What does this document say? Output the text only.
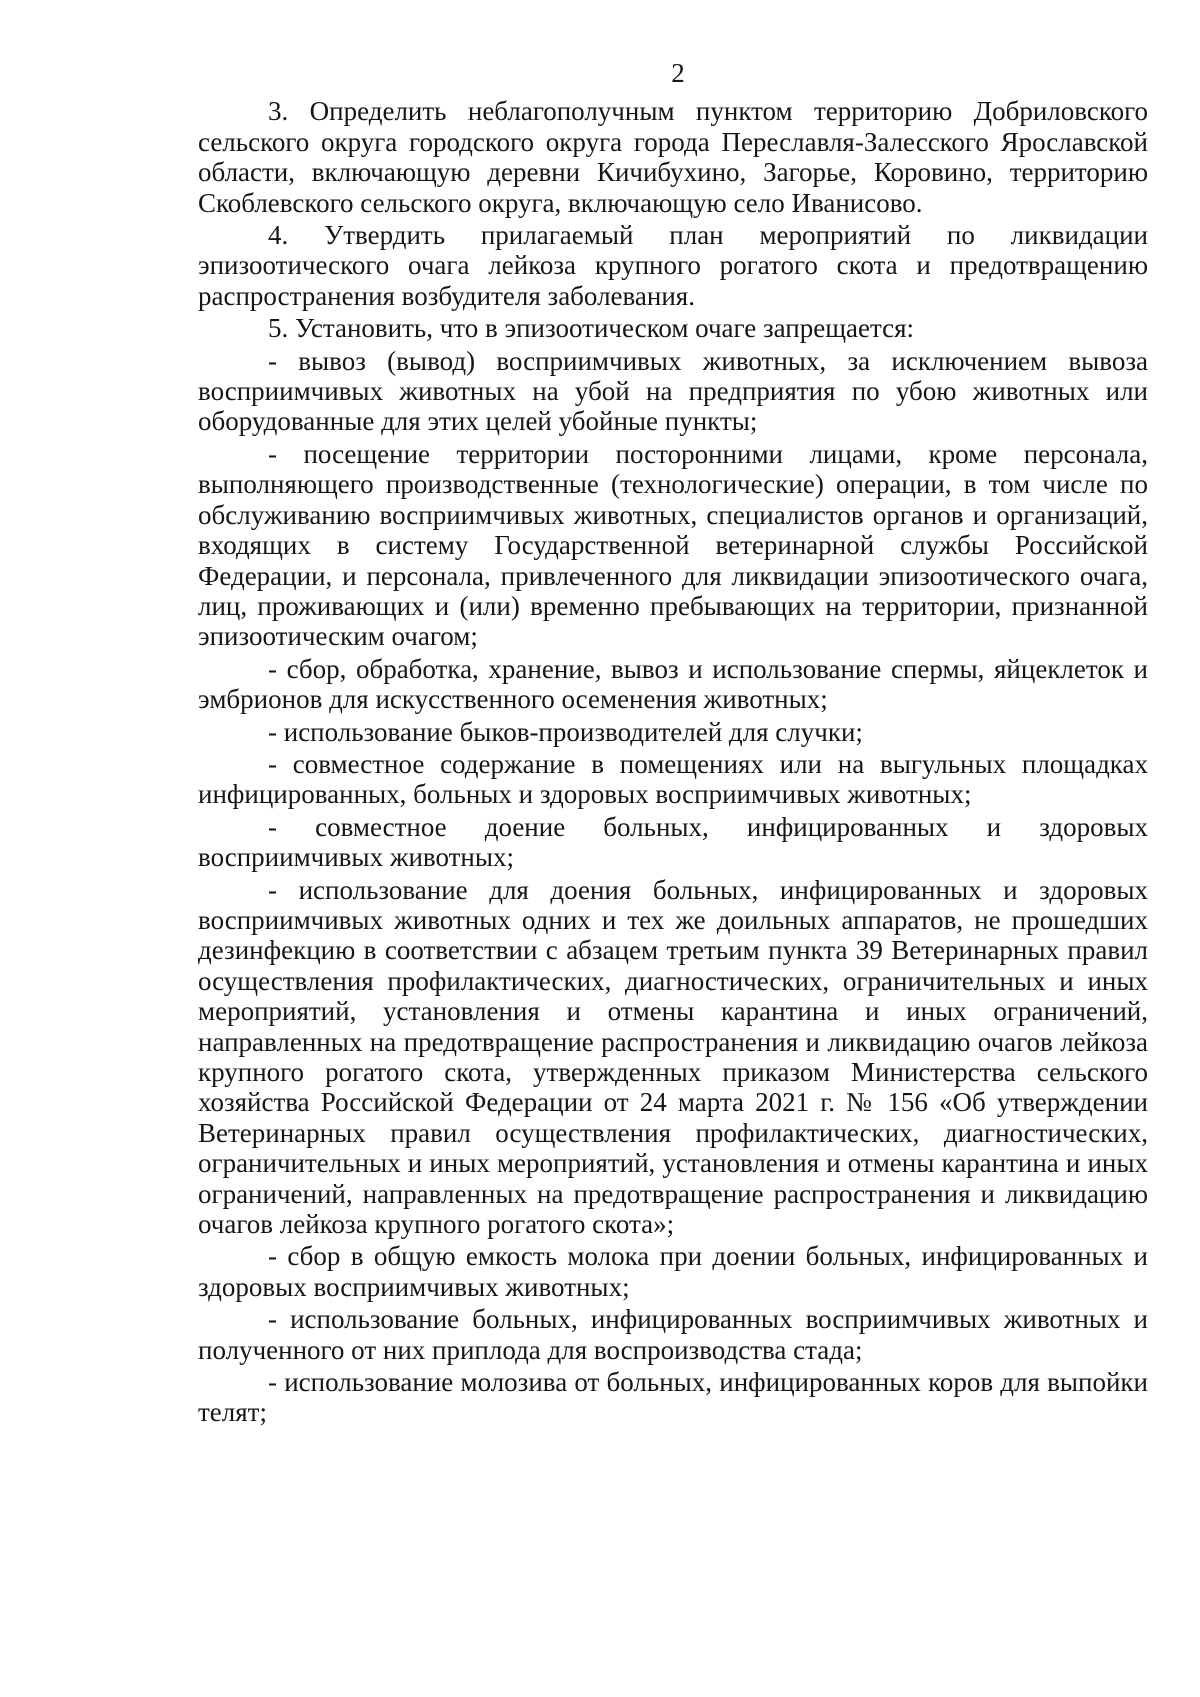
2

3. Определить неблагополучным пунктом территорию Добриловского сельского округа городского округа города Переславля-Залесского Ярославской области, включающую деревни Кичибухино, Загорье, Коровино, территорию Скоблевского сельского округа, включающую село Иванисово.

4. Утвердить прилагаемый план мероприятий по ликвидации эпизоотического очага лейкоза крупного рогатого скота и предотвращению распространения возбудителя заболевания.

5. Установить, что в эпизоотическом очаге запрещается:

- вывоз (вывод) восприимчивых животных, за исключением вывоза восприимчивых животных на убой на предприятия по убою животных или оборудованные для этих целей убойные пункты;

- посещение территории посторонними лицами, кроме персонала, выполняющего производственные (технологические) операции, в том числе по обслуживанию восприимчивых животных, специалистов органов и организаций, входящих в систему Государственной ветеринарной службы Российской Федерации, и персонала, привлеченного для ликвидации эпизоотического очага, лиц, проживающих и (или) временно пребывающих на территории, признанной эпизоотическим очагом;

- сбор, обработка, хранение, вывоз и использование спермы, яйцеклеток и эмбрионов для искусственного осеменения животных;

- использование быков-производителей для случки;

- совместное содержание в помещениях или на выгульных площадках инфицированных, больных и здоровых восприимчивых животных;

- совместное доение больных, инфицированных и здоровых восприимчивых животных;

- использование для доения больных, инфицированных и здоровых восприимчивых животных одних и тех же доильных аппаратов, не прошедших дезинфекцию в соответствии с абзацем третьим пункта 39 Ветеринарных правил осуществления профилактических, диагностических, ограничительных и иных мероприятий, установления и отмены карантина и иных ограничений, направленных на предотвращение распространения и ликвидацию очагов лейкоза крупного рогатого скота, утвержденных приказом Министерства сельского хозяйства Российской Федерации от 24 марта 2021 г. № 156 «Об утверждении Ветеринарных правил осуществления профилактических, диагностических, ограничительных и иных мероприятий, установления и отмены карантина и иных ограничений, направленных на предотвращение распространения и ликвидацию очагов лейкоза крупного рогатого скота»;

- сбор в общую емкость молока при доении больных, инфицированных и здоровых восприимчивых животных;

- использование больных, инфицированных восприимчивых животных и полученного от них приплода для воспроизводства стада;

- использование молозива от больных, инфицированных коров для выпойки телят;
